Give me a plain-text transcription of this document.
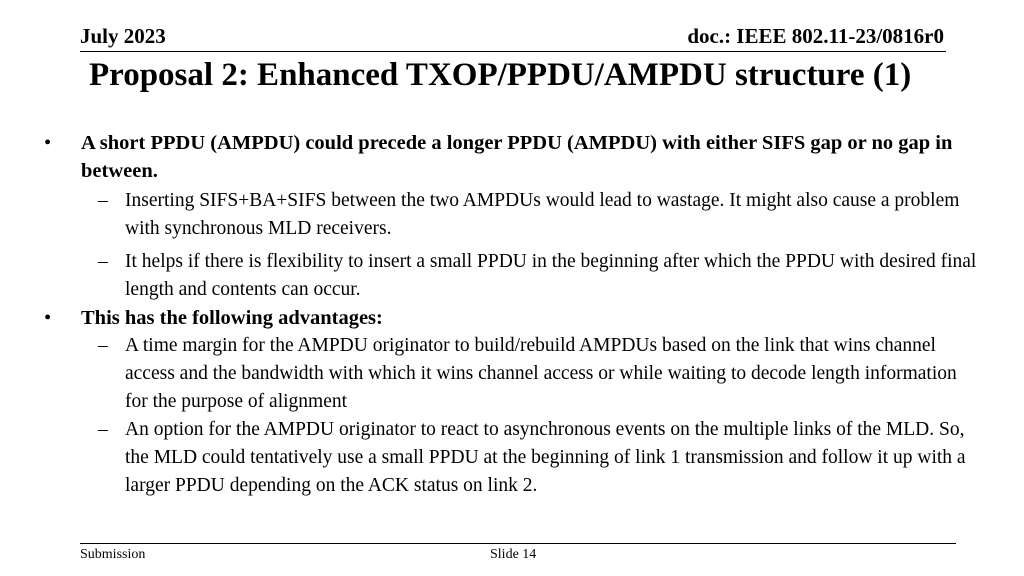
July 2023	doc.: IEEE 802.11-23/0816r0
Proposal 2: Enhanced TXOP/PPDU/AMPDU structure (1)
• A short PPDU (AMPDU) could precede a longer PPDU (AMPDU) with either SIFS gap or no gap in between.
– Inserting SIFS+BA+SIFS between the two AMPDUs would lead to wastage. It might also cause a problem with synchronous MLD receivers.
– It helps if there is flexibility to insert a small PPDU in the beginning after which the PPDU with desired final length and contents can occur.
• This has the following advantages:
– A time margin for the AMPDU originator to build/rebuild AMPDUs based on the link that wins channel access and the bandwidth with which it wins channel access or while waiting to decode length information for the purpose of alignment
– An option for the AMPDU originator to react to asynchronous events on the multiple links of the MLD. So, the MLD could tentatively use a small PPDU at the beginning of link 1 transmission and follow it up with a larger PPDU depending on the ACK status on link 2.
Submission	Slide 14
